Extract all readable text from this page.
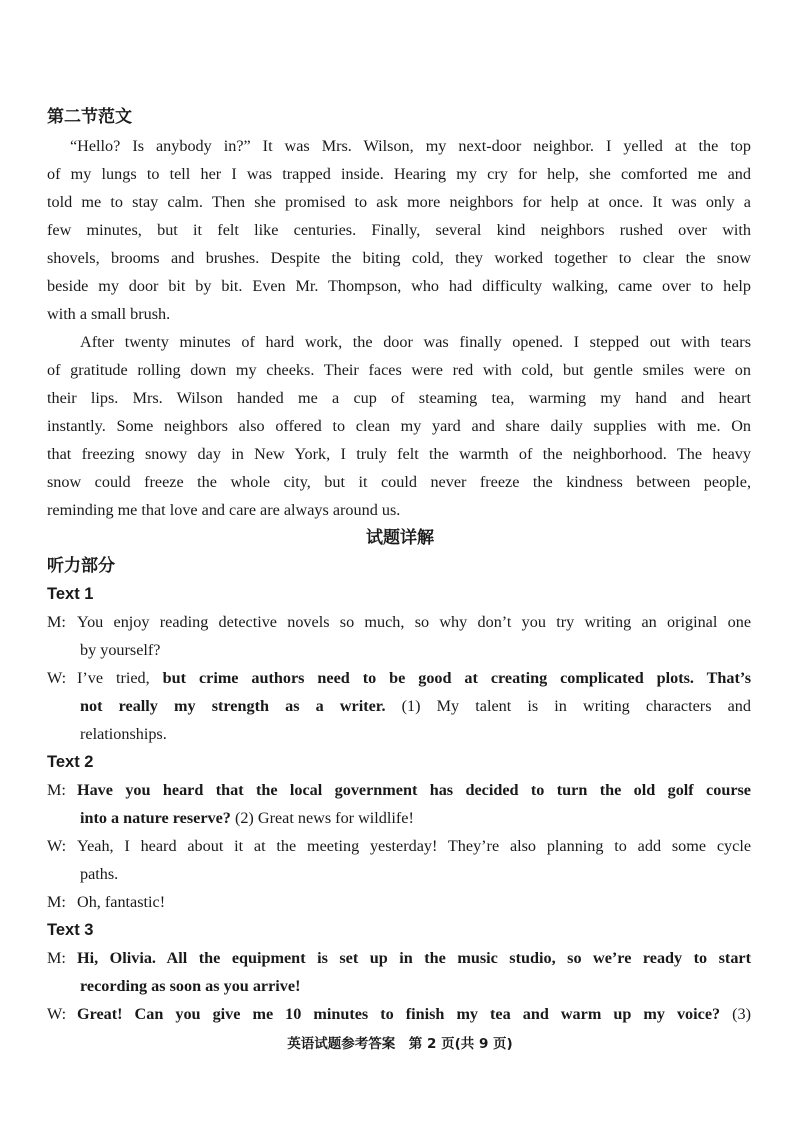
第二节范文
“Hello? Is anybody in?” It was Mrs. Wilson, my next-door neighbor. I yelled at the top
of my lungs to tell her I was trapped inside. Hearing my cry for help, she comforted me and
told me to stay calm. Then she promised to ask more neighbors for help at once. It was only a
few minutes, but it felt like centuries. Finally, several kind neighbors rushed over with
shovels, brooms and brushes. Despite the biting cold, they worked together to clear the snow
beside my door bit by bit. Even Mr. Thompson, who had difficulty walking, came over to help
with a small brush.
After twenty minutes of hard work, the door was finally opened. I stepped out with tears
of gratitude rolling down my cheeks. Their faces were red with cold, but gentle smiles were on
their lips. Mrs. Wilson handed me a cup of steaming tea, warming my hand and heart
instantly. Some neighbors also offered to clean my yard and share daily supplies with me. On
that freezing snowy day in New York, I truly felt the warmth of the neighborhood. The heavy
snow could freeze the whole city, but it could never freeze the kindness between people,
reminding me that love and care are always around us.
试题详解
听力部分
Text 1
M: You enjoy reading detective novels so much, so why don’t you try writing an original one
by yourself?
W: I’ve tried, but crime authors need to be good at creating complicated plots. That’s
not really my strength as a writer. (1) My talent is in writing characters and
relationships.
Text 2
M: Have you heard that the local government has decided to turn the old golf course
into a nature reserve? (2) Great news for wildlife!
W: Yeah, I heard about it at the meeting yesterday! They’re also planning to add some cycle
paths.
M: Oh, fantastic!
Text 3
M: Hi, Olivia. All the equipment is set up in the music studio, so we’re ready to start
recording as soon as you arrive!
W: Great! Can you give me 10 minutes to finish my tea and warm up my voice? (3)
英语试题参考答案　第 2 页(共 9 页)
